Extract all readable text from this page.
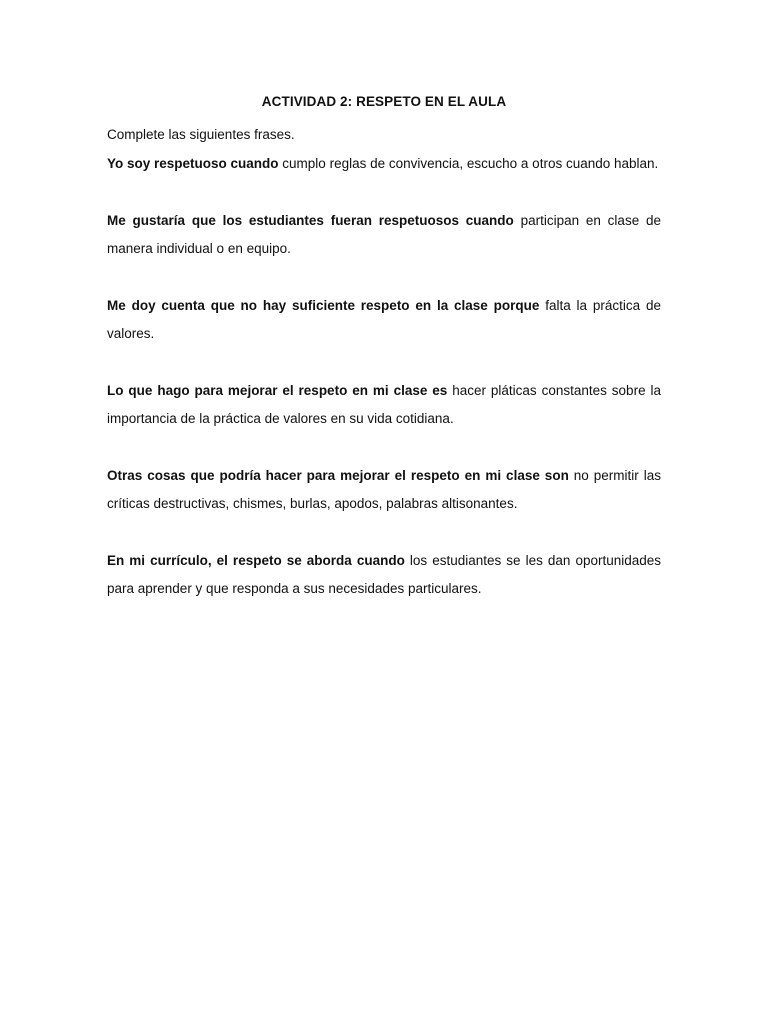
ACTIVIDAD 2: RESPETO EN EL AULA
Complete las siguientes frases.
Yo soy respetuoso cuando cumplo reglas de convivencia, escucho a otros cuando hablan.
Me gustaría que los estudiantes fueran respetuosos cuando participan en clase de manera individual o en equipo.
Me doy cuenta que no hay suficiente respeto en la clase porque falta la práctica de valores.
Lo que hago para mejorar el respeto en mi clase es hacer pláticas constantes sobre la importancia de la práctica de valores en su vida cotidiana.
Otras cosas que podría hacer para mejorar el respeto en mi clase son no permitir las críticas destructivas, chismes, burlas, apodos, palabras altisonantes.
En mi currículo, el respeto se aborda cuando los estudiantes se les dan oportunidades para aprender y que responda a sus necesidades particulares.
